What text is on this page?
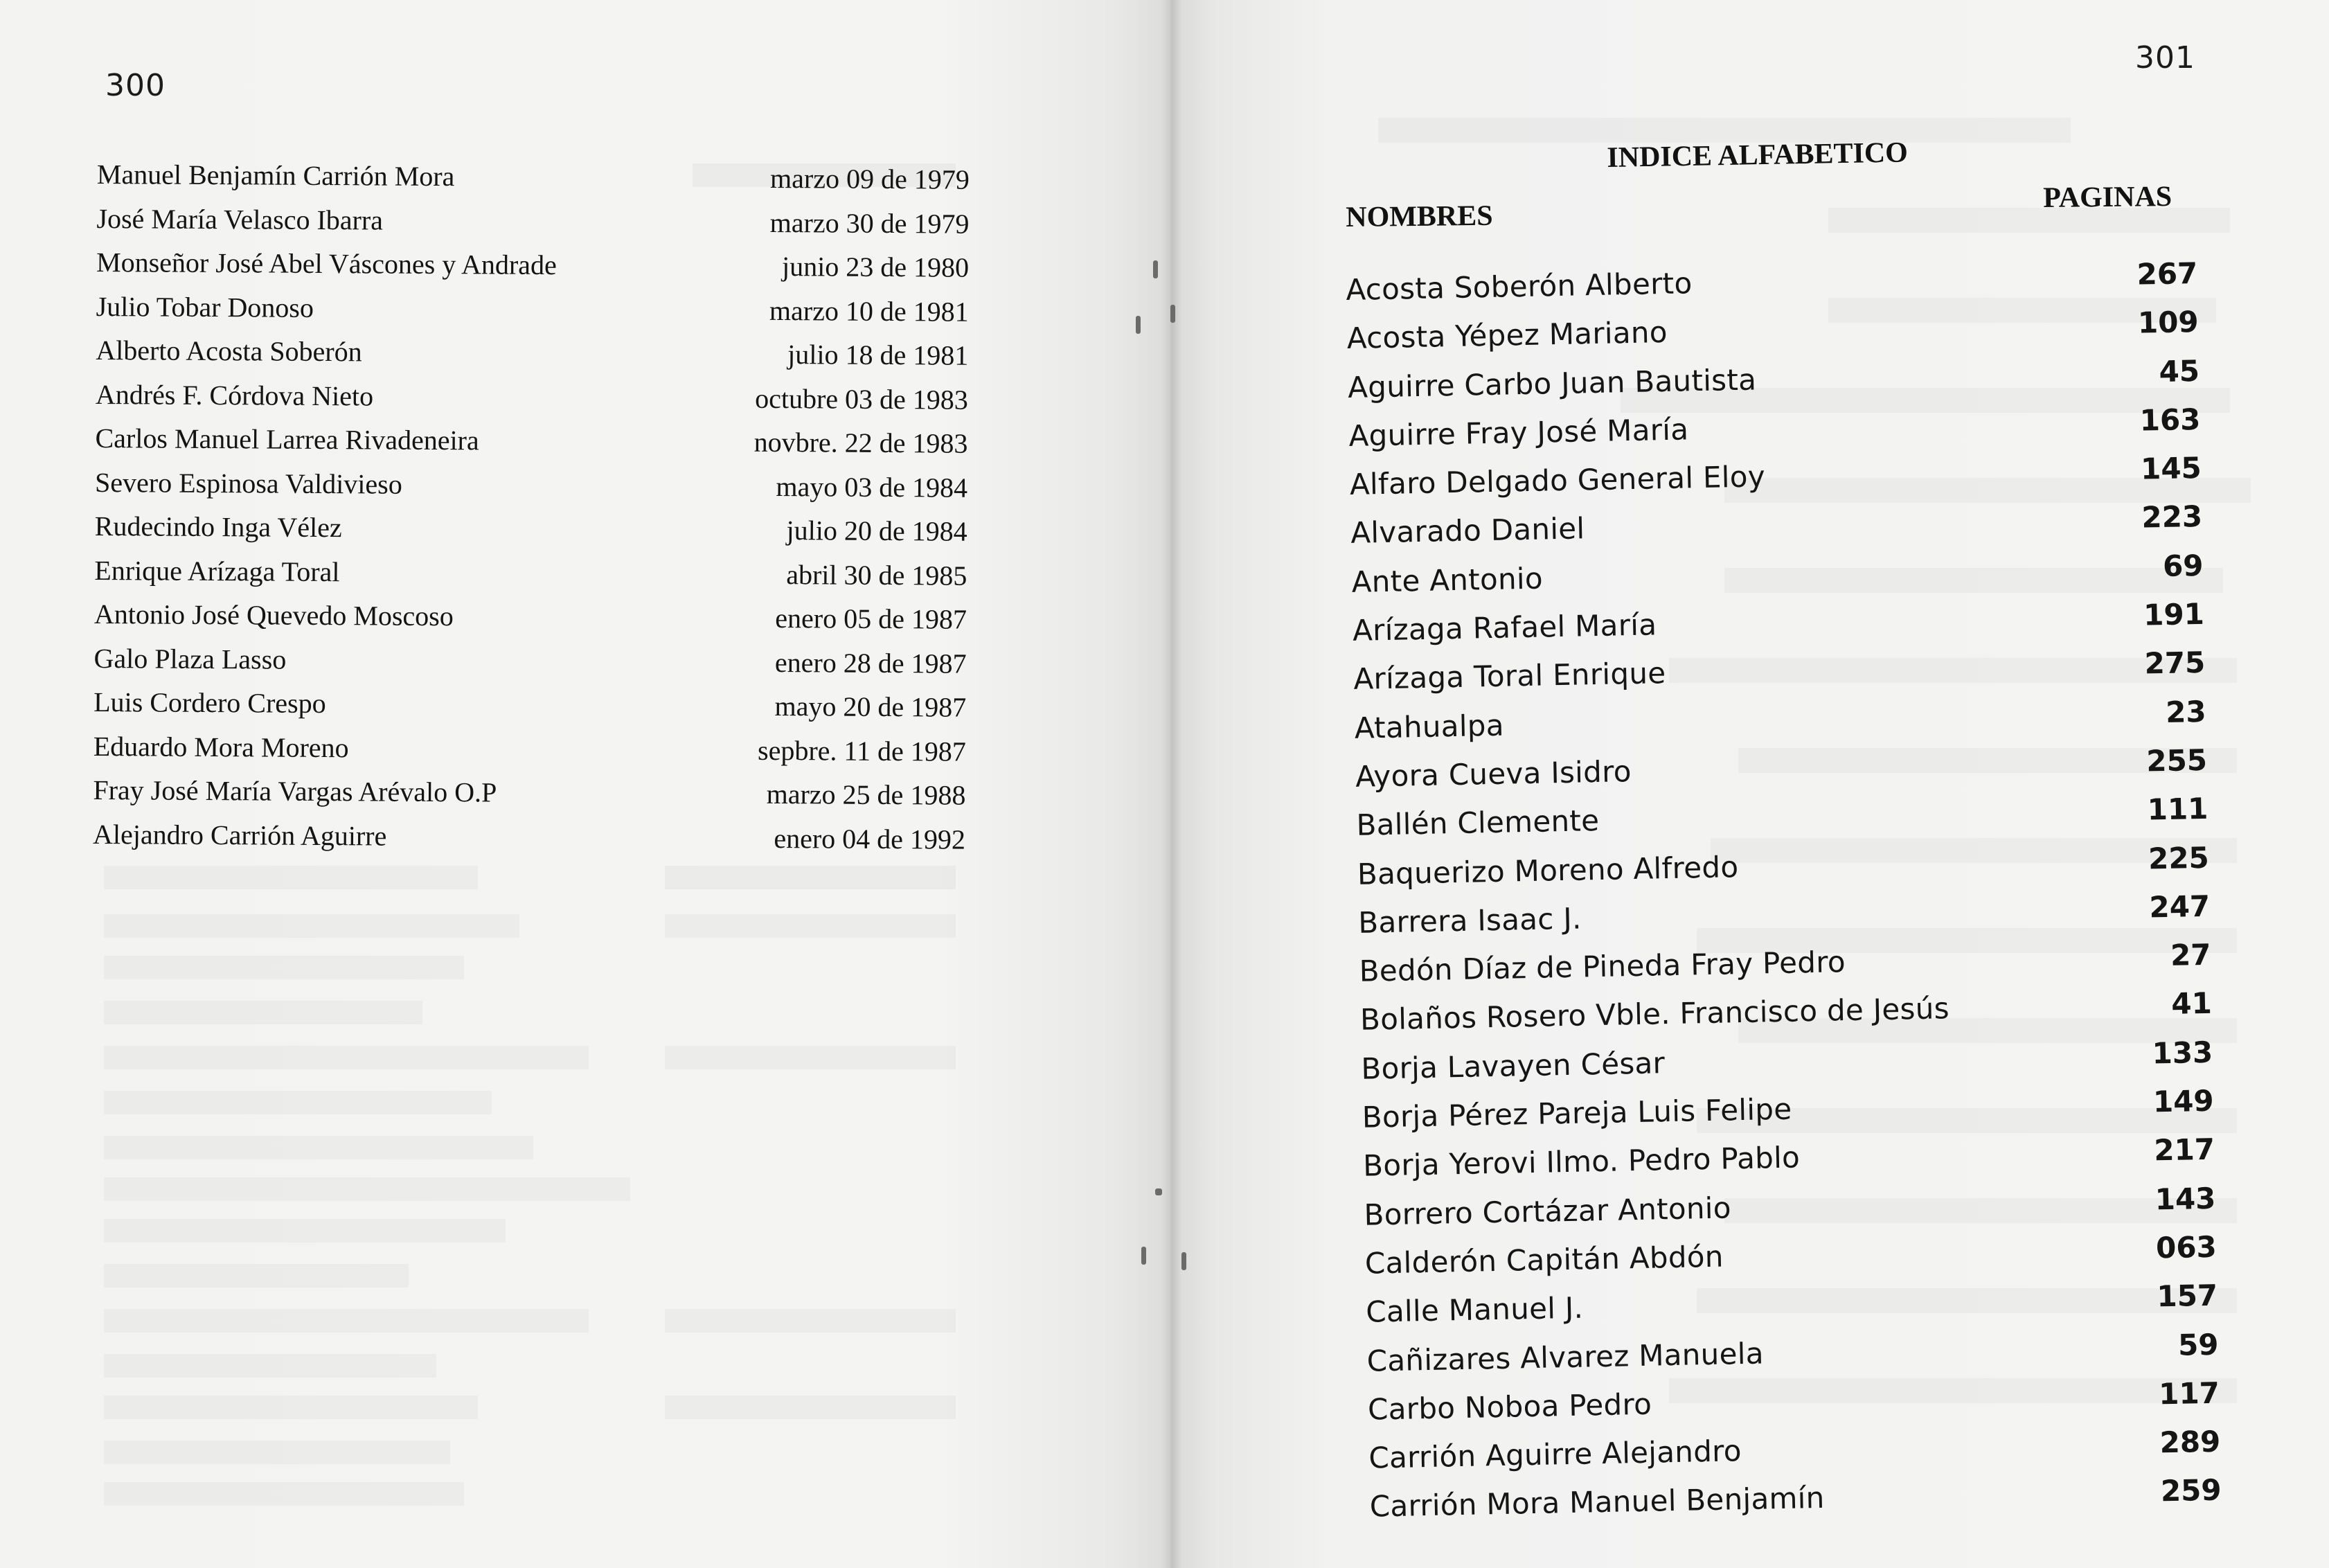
300
Manuel Benjamín Carrión Mora	marzo 09 de 1979
José María Velasco Ibarra	marzo 30 de 1979
Monseñor José Abel Váscones y Andrade	junio 23 de 1980
Julio Tobar Donoso	marzo 10 de 1981
Alberto Acosta Soberón	julio 18 de 1981
Andrés F. Córdova Nieto	octubre 03 de 1983
Carlos Manuel Larrea Rivadeneira	novbre. 22 de 1983
Severo Espinosa Valdivieso	mayo 03 de 1984
Rudecindo Inga Vélez	julio 20 de 1984
Enrique Arízaga Toral	abril 30 de 1985
Antonio José Quevedo Moscoso	enero 05 de 1987
Galo Plaza Lasso	enero 28 de 1987
Luis Cordero Crespo	mayo 20 de 1987
Eduardo Mora Moreno	sepbre. 11 de 1987
Fray José María Vargas Arévalo O.P	marzo 25 de 1988
Alejandro Carrión Aguirre	enero 04 de 1992
301
INDICE ALFABETICO
NOMBRES
PAGINAS
Acosta Soberón Alberto	267
Acosta Yépez Mariano	109
Aguirre Carbo Juan Bautista	45
Aguirre Fray José María	163
Alfaro Delgado General Eloy	145
Alvarado Daniel	223
Ante Antonio	69
Arízaga Rafael María	191
Arízaga Toral Enrique	275
Atahualpa	23
Ayora Cueva Isidro	255
Ballén Clemente	111
Baquerizo Moreno Alfredo	225
Barrera Isaac J.	247
Bedón Díaz de Pineda Fray Pedro	27
Bolaños Rosero Vble. Francisco de Jesús	41
Borja Lavayen César	133
Borja Pérez Pareja Luis Felipe	149
Borja Yerovi Ilmo. Pedro Pablo	217
Borrero Cortázar Antonio	143
Calderón Capitán Abdón	063
Calle Manuel J.	157
Cañizares Alvarez Manuela	59
Carbo Noboa Pedro	117
Carrión Aguirre Alejandro	289
Carrión Mora Manuel Benjamín	259
